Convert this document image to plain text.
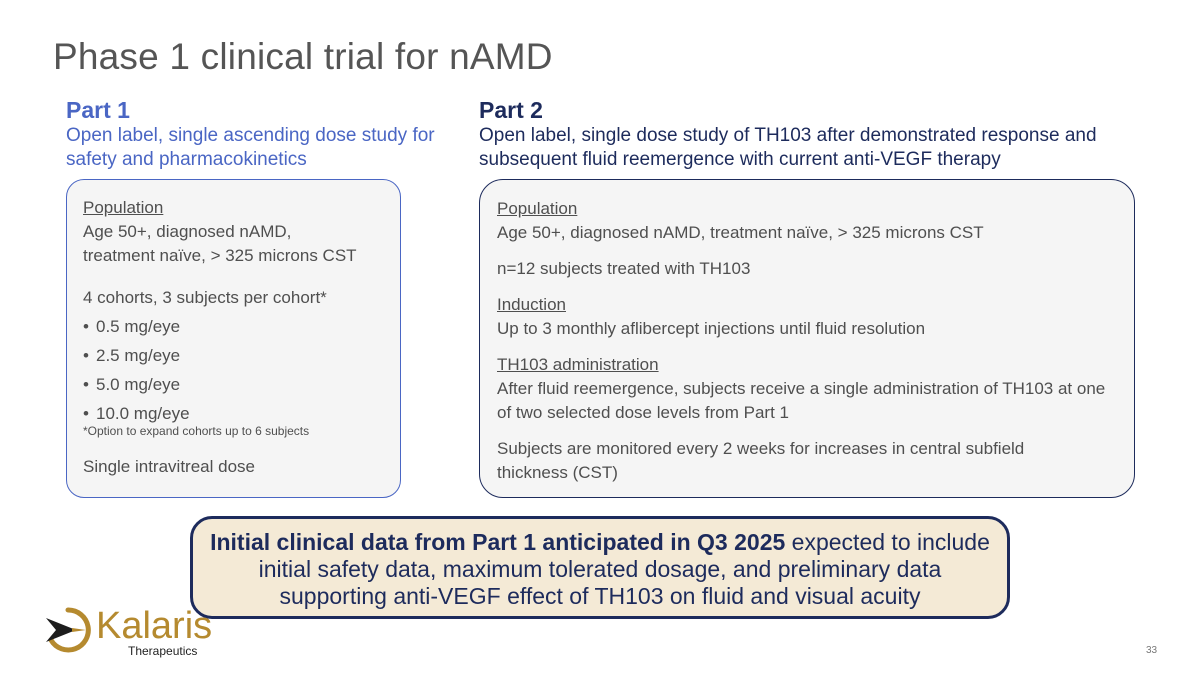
Phase 1 clinical trial for nAMD
Part 1
Open label, single ascending dose study for safety and pharmacokinetics
Part 2
Open label, single dose study of TH103 after demonstrated response and subsequent fluid reemergence with current anti-VEGF therapy
Population
Age 50+, diagnosed nAMD,
treatment naïve, > 325 microns CST
4 cohorts, 3 subjects per cohort*
• 0.5 mg/eye
• 2.5 mg/eye
• 5.0 mg/eye
• 10.0 mg/eye
*Option to expand cohorts up to 6 subjects
Single intravitreal dose
Population
Age 50+, diagnosed nAMD, treatment naïve, > 325 microns CST
n=12 subjects treated with TH103
Induction
Up to 3 monthly aflibercept injections until fluid resolution
TH103 administration
After fluid reemergence, subjects receive a single administration of TH103 at one of two selected dose levels from Part 1
Subjects are monitored every 2 weeks for increases in central subfield thickness (CST)
Initial clinical data from Part 1 anticipated in Q3 2025 expected to include initial safety data, maximum tolerated dosage, and preliminary data supporting anti-VEGF effect of TH103 on fluid and visual acuity
Kalaris
Therapeutics	33
